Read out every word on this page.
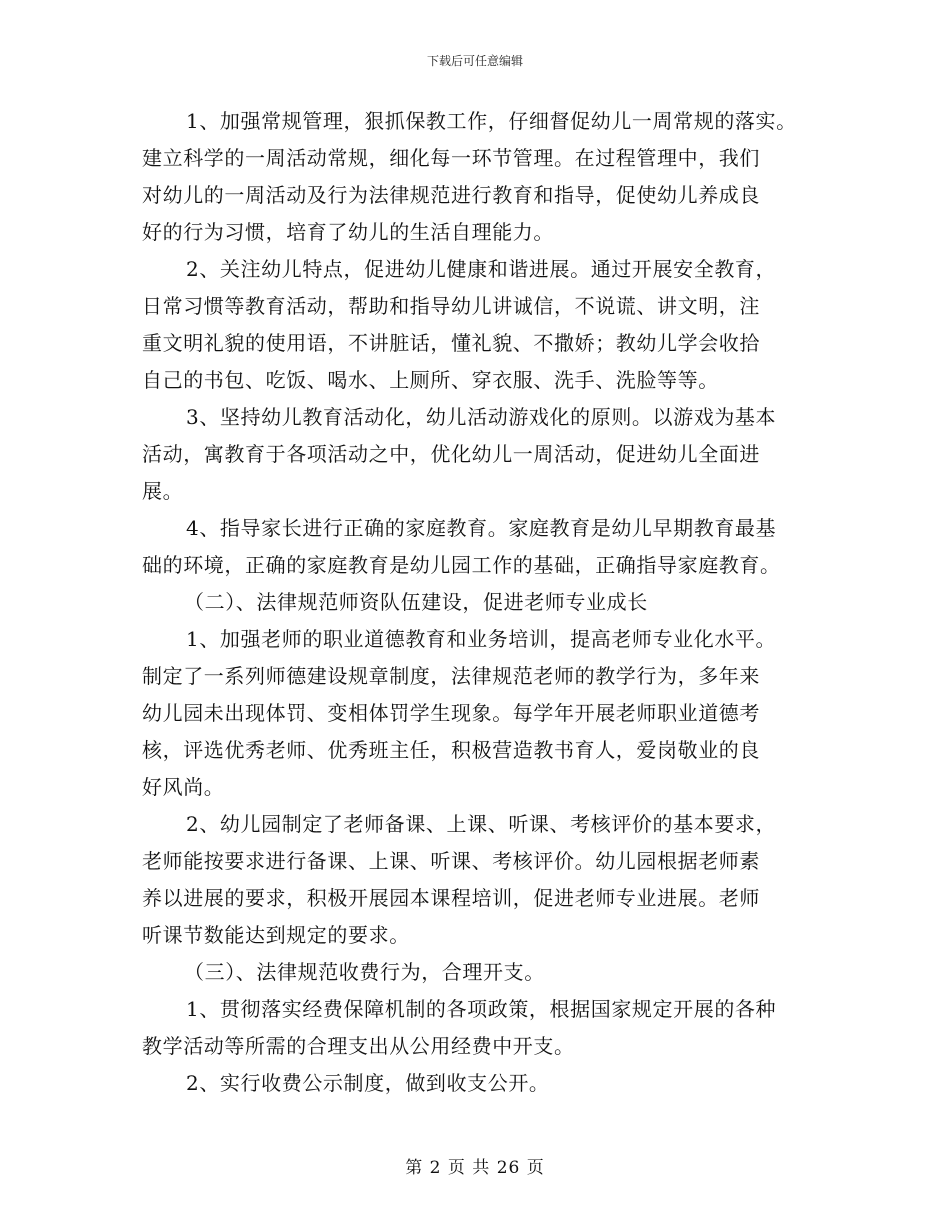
下载后可任意编辑
1、加强常规管理，狠抓保教工作，仔细督促幼儿一周常规的落实。
建立科学的一周活动常规，细化每一环节管理。在过程管理中，我们
对幼儿的一周活动及行为法律规范进行教育和指导，促使幼儿养成良
好的行为习惯，培育了幼儿的生活自理能力。
2、关注幼儿特点，促进幼儿健康和谐进展。通过开展安全教育，
日常习惯等教育活动，帮助和指导幼儿讲诚信，不说谎、讲文明，注
重文明礼貌的使用语，不讲脏话，懂礼貌、不撒娇；教幼儿学会收拾
自己的书包、吃饭、喝水、上厕所、穿衣服、洗手、洗脸等等。
3、坚持幼儿教育活动化，幼儿活动游戏化的原则。以游戏为基本
活动，寓教育于各项活动之中，优化幼儿一周活动，促进幼儿全面进
展。
4、指导家长进行正确的家庭教育。家庭教育是幼儿早期教育最基
础的环境，正确的家庭教育是幼儿园工作的基础，正确指导家庭教育。
（二）、法律规范师资队伍建设，促进老师专业成长
1、加强老师的职业道德教育和业务培训，提高老师专业化水平。
制定了一系列师德建设规章制度，法律规范老师的教学行为，多年来
幼儿园未出现体罚、变相体罚学生现象。每学年开展老师职业道德考
核，评选优秀老师、优秀班主任，积极营造教书育人，爱岗敬业的良
好风尚。
2、幼儿园制定了老师备课、上课、听课、考核评价的基本要求，
老师能按要求进行备课、上课、听课、考核评价。幼儿园根据老师素
养以进展的要求，积极开展园本课程培训，促进老师专业进展。老师
听课节数能达到规定的要求。
（三）、法律规范收费行为，合理开支。
1、贯彻落实经费保障机制的各项政策，根据国家规定开展的各种
教学活动等所需的合理支出从公用经费中开支。
2、实行收费公示制度，做到收支公开。
第 2 页 共 26 页
